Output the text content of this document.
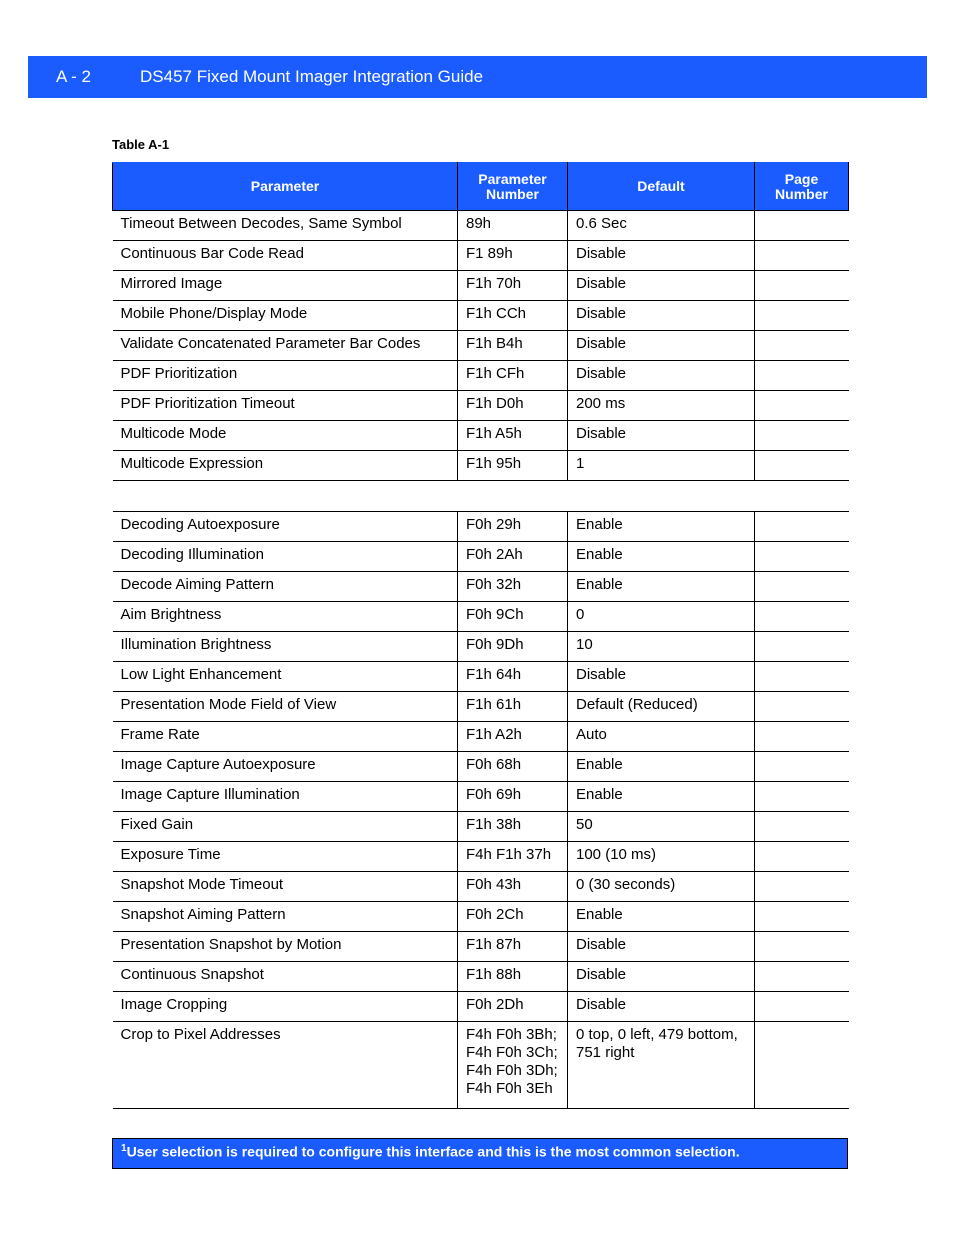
A - 2	DS457 Fixed Mount Imager Integration Guide
Table A-1
Parameter	Parameter Number	Default	Page Number
Timeout Between Decodes, Same Symbol	89h	0.6 Sec	
Continuous Bar Code Read	F1 89h	Disable	
Mirrored Image	F1h 70h	Disable	
Mobile Phone/Display Mode	F1h CCh	Disable	
Validate Concatenated Parameter Bar Codes	F1h B4h	Disable	
PDF Prioritization	F1h CFh	Disable	
PDF Prioritization Timeout	F1h D0h	200 ms	
Multicode Mode	F1h A5h	Disable	
Multicode Expression	F1h 95h	1	

Decoding Autoexposure	F0h 29h	Enable	
Decoding Illumination	F0h 2Ah	Enable	
Decode Aiming Pattern	F0h 32h	Enable	
Aim Brightness	F0h 9Ch	0	
Illumination Brightness	F0h 9Dh	10	
Low Light Enhancement	F1h 64h	Disable	
Presentation Mode Field of View	F1h 61h	Default (Reduced)	
Frame Rate	F1h A2h	Auto	
Image Capture Autoexposure	F0h 68h	Enable	
Image Capture Illumination	F0h 69h	Enable	
Fixed Gain	F1h 38h	50	
Exposure Time	F4h F1h 37h	100 (10 ms)	
Snapshot Mode Timeout	F0h 43h	0 (30 seconds)	
Snapshot Aiming Pattern	F0h 2Ch	Enable	
Presentation Snapshot by Motion	F1h 87h	Disable	
Continuous Snapshot	F1h 88h	Disable	
Image Cropping	F0h 2Dh	Disable	
Crop to Pixel Addresses	F4h F0h 3Bh;
F4h F0h 3Ch;
F4h F0h 3Dh;
F4h F0h 3Eh	0 top, 0 left, 479 bottom, 751 right	
$^1$User selection is required to configure this interface and this is the most common selection.
